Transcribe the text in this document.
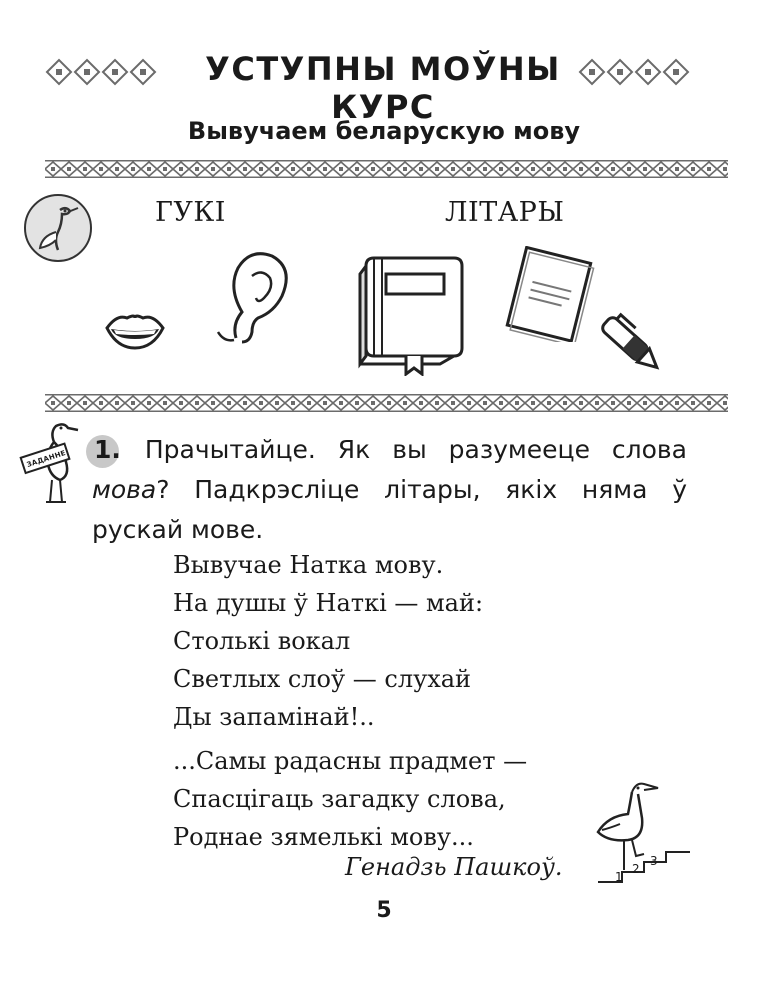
УСТУПНЫ МОЎНЫ КУРС
Вывучаем беларускую мову
ГУКІ	ЛІТАРЫ
ЗАДАННЕ 1. Прачытайце. Як вы разумееце слова мова? Падкрэсліце літары, якіх няма ў рускай мове.
Вывучае Натка мову.
На душы ў Наткі — май:
Столькі вокал
Светлых слоў — слухай
Ды запамінай!..
...Самы радасны прадмет —
Спасцігаць загадку слова,
Роднае зямелькі мову...
Генадзь Пашкоў.	1
2
3
5
